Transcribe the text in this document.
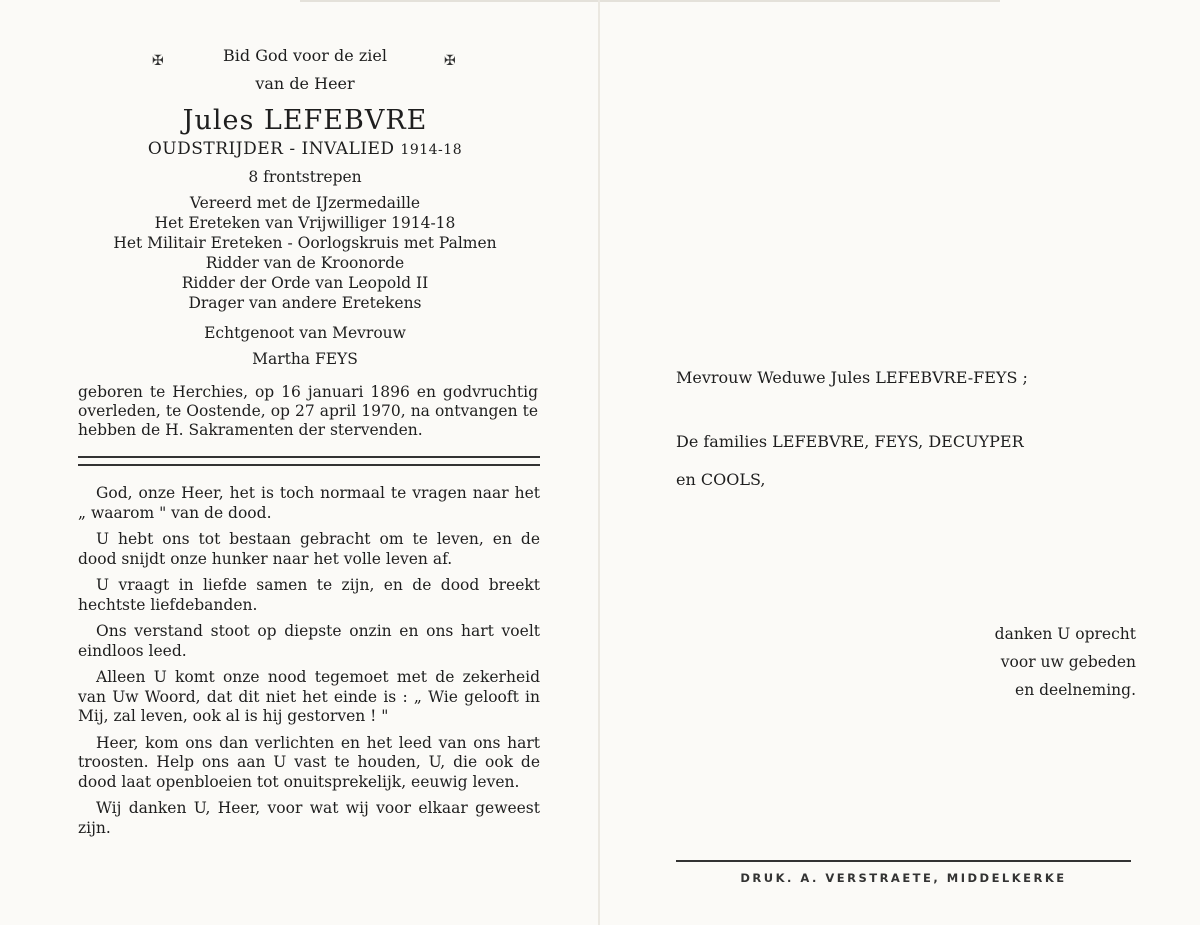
✠	Bid God voor de ziel
van de Heer
✠
Jules LEFEBVRE
OUDSTRIJDER - INVALIED 1914-18
8 frontstrepen
Vereerd met de IJzermedaille
Het Ereteken van Vrijwilliger 1914-18
Het Militair Ereteken - Oorlogskruis met Palmen
Ridder van de Kroonorde
Ridder der Orde van Leopold II
Drager van andere Eretekens
Echtgenoot van Mevrouw
Martha FEYS
geboren te Herchies, op 16 januari 1896 en godvruchtig overleden, te Oostende, op 27 april 1970, na ontvangen te hebben de H. Sakramenten der stervenden.

God, onze Heer, het is toch normaal te vragen naar het „ waarom " van de dood.

U hebt ons tot bestaan gebracht om te leven, en de dood snijdt onze hunker naar het volle leven af.

U vraagt in liefde samen te zijn, en de dood breekt hechtste liefdebanden.

Ons verstand stoot op diepste onzin en ons hart voelt eindloos leed.

Alleen U komt onze nood tegemoet met de zekerheid van Uw Woord, dat dit niet het einde is : „ Wie gelooft in Mij, zal leven, ook al is hij gestorven ! "

Heer, kom ons dan verlichten en het leed van ons hart troosten. Help ons aan U vast te houden, U, die ook de dood laat openbloeien tot onuitsprekelijk, eeuwig leven.

Wij danken U, Heer, voor wat wij voor elkaar geweest zijn.

Mevrouw Weduwe Jules LEFEBVRE-FEYS ;
De families LEFEBVRE, FEYS, DECUYPER
en COOLS,
danken U oprecht
voor uw gebeden
en deelneming.
DRUK. A. VERSTRAETE, MIDDELKERKE
